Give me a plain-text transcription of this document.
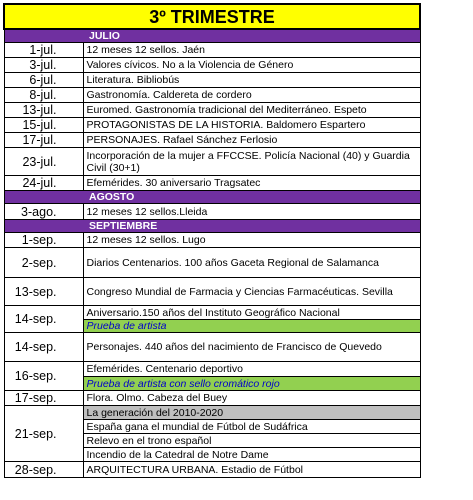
3º TRIMESTRE	
	JULIO
1-jul.	12 meses 12 sellos. Jaén
3-jul.	Valores cívicos. No a la Violencia de Género
6-jul.	Literatura. Bibliobús
8-jul.	Gastronomía. Caldereta de cordero
13-jul.	Euromed. Gastronomía tradicional del Mediterráneo. Espeto
15-jul.	PROTAGONISTAS DE LA HISTORIA. Baldomero Espartero
17-jul.	PERSONAJES. Rafael Sánchez Ferlosio
23-jul.	Incorporación de la mujer a FFCCSE. Policía Nacional (40) y Guardia Civil (30+1)
24-jul.	Efemérides. 30 aniversario Tragsatec
	AGOSTO
3-ago.	12 meses 12 sellos.Lleida
	SEPTIEMBRE
1-sep.	12 meses 12 sellos. Lugo
2-sep.	Diarios Centenarios. 100 años Gaceta Regional de Salamanca
13-sep.	Congreso Mundial de Farmacia y Ciencias Farmacéuticas. Sevilla
14-sep.	Aniversario.150 años del Instituto Geográfico Nacional
	Prueba de artista
14-sep.	Personajes. 440 años del nacimiento de Francisco de Quevedo
16-sep.	Efemérides. Centenario deportivo
	Prueba de artista con sello cromático rojo
17-sep.	Flora. Olmo. Cabeza del Buey
21-sep.	La generación del 2010-2020
	España gana el mundial de Fútbol de Sudáfrica
	Relevo en el trono español
	Incendio de la Catedral de Notre Dame
28-sep.	ARQUITECTURA URBANA. Estadio de Fútbol
